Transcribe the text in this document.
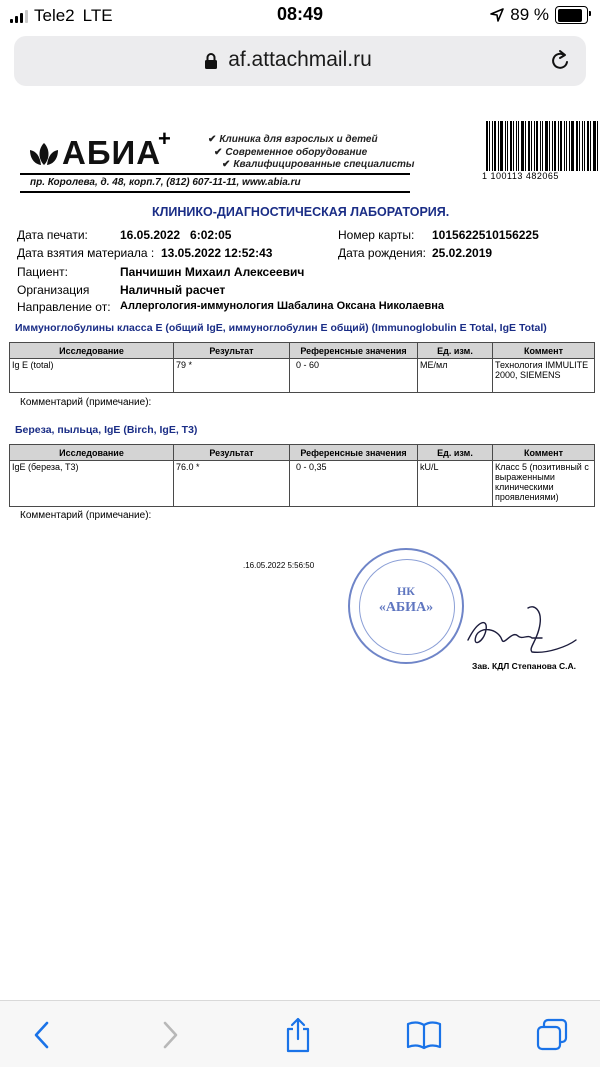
Tele2 LTE	08:49	89 %
af.attachmail.ru
АБИА
+	✔ Клиника для взрослых и детей
✔ Современное оборудование
✔ Квалифицированные специалисты
пр. Королева, д. 48, корп.7, (812) 607-11-11, www.abia.ru
1 100113 482065
КЛИНИКО-ДИАГНОСТИЧЕСКАЯ ЛАБОРАТОРИЯ.
Дата печати:	16.05.2022   6:02:05	Номер карты: 1015622510156225
Дата взятия материала : 13.05.2022 12:52:43	Дата рождения: 25.02.2019
Пациент:	Панчишин Михаил Алексеевич
Организация	Наличный расчет
Направление от: Аллергология-иммунология Шабалина Оксана Николаевна
Иммуноглобулины класса Е (общий IgE, иммуноглобулин Е общий) (Immunoglobulin E Total, IgE Total)
Исследование	Результат	Референсные значения	Ед. изм.	Коммент
Ig E (total)	79 *	0 - 60	МЕ/мл	Технология IMMULITE 2000, SIEMENS
Комментарий (примечание):
Береза, пыльца, IgE (Birch, IgE, T3)
Исследование	Результат	Референсные значения	Ед. изм.	Коммент
IgE (береза, Т3)	76.0 *	0 - 0,35	kU/L	Класс 5 (позитивный с выраженными клиническими проявлениями)
Комментарий (примечание):
.16.05.2022 5:56:50
НК
«АБИА»
Зав. КДЛ Степанова С.А.
